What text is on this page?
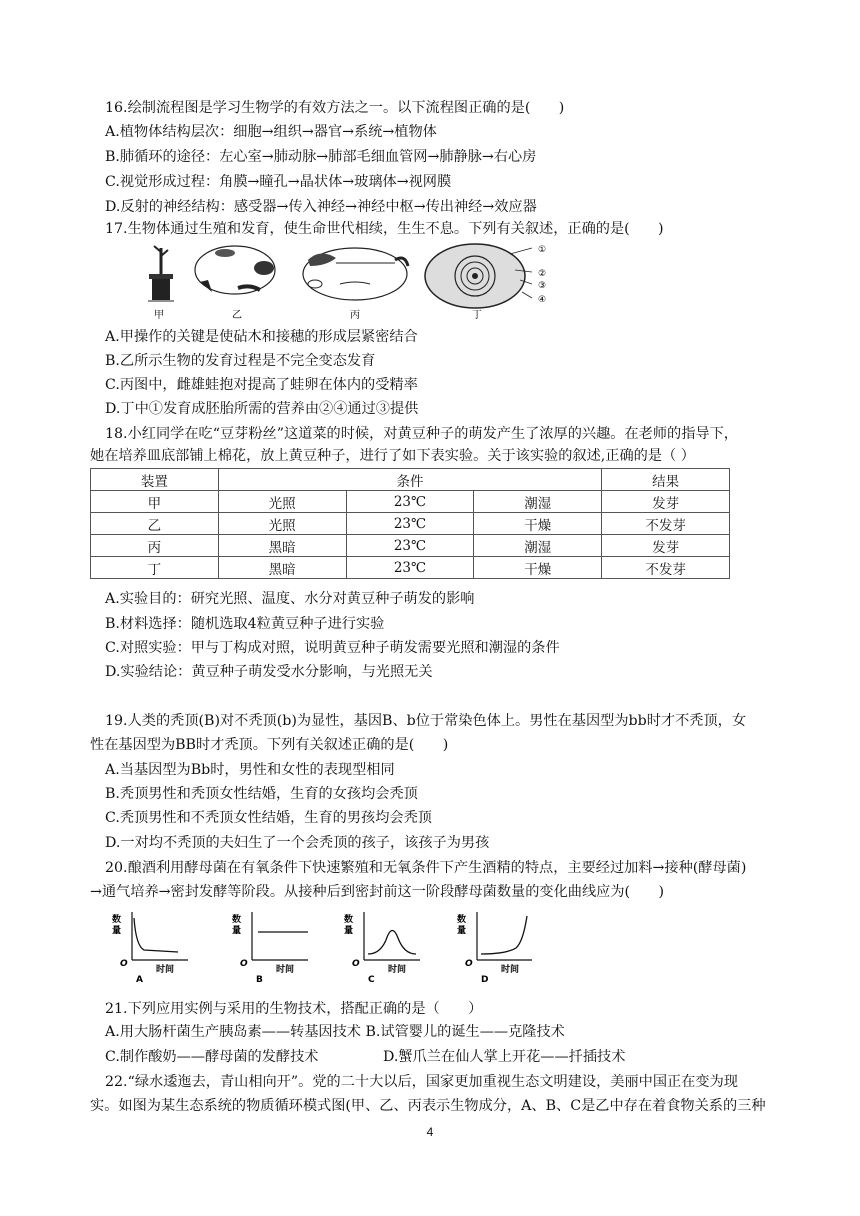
16.绘制流程图是学习生物学的有效方法之一。以下流程图正确的是(　　)
A.植物体结构层次：细胞→组织→器官→系统→植物体
B.肺循环的途径：左心室→肺动脉→肺部毛细血管网→肺静脉→右心房
C.视觉形成过程：角膜→瞳孔→晶状体→玻璃体→视网膜
D.反射的神经结构：感受器→传入神经→神经中枢→传出神经→效应器
17.生物体通过生殖和发育，使生命世代相续，生生不息。下列有关叙述，正确的是(　　)
①
②
③
④
甲	乙	丙	丁
A.甲操作的关键是使砧木和接穗的形成层紧密结合
B.乙所示生物的发育过程是不完全变态发育
C.丙图中，雌雄蛙抱对提高了蛙卵在体内的受精率
D.丁中①发育成胚胎所需的营养由②④通过③提供
18.小红同学在吃“豆芽粉丝”这道菜的时候，对黄豆种子的萌发产生了浓厚的兴趣。在老师的指导下，
她在培养皿底部铺上棉花，放上黄豆种子，进行了如下表实验。关于该实验的叙述,正确的是（ ）
装置	条件			结果
甲	光照	23℃	潮湿	发芽
乙	光照	23℃	干燥	不发芽
丙	黑暗	23℃	潮湿	发芽
丁	黑暗	23℃	干燥	不发芽
A.实验目的：研究光照、温度、水分对黄豆种子萌发的影响
B.材料选择：随机选取4粒黄豆种子进行实验
C.对照实验：甲与丁构成对照，说明黄豆种子萌发需要光照和潮湿的条件
D.实验结论：黄豆种子萌发受水分影响，与光照无关
19.人类的秃顶(B)对不秃顶(b)为显性，基因B、b位于常染色体上。男性在基因型为bb时才不秃顶，女
性在基因型为BB时才秃顶。下列有关叙述正确的是(　　)
A.当基因型为Bb时，男性和女性的表现型相同
B.秃顶男性和秃顶女性结婚，生育的女孩均会秃顶
C.秃顶男性和不秃顶女性结婚，生育的男孩均会秃顶
D.一对均不秃顶的夫妇生了一个会秃顶的孩子，该孩子为男孩
20.酿酒利用酵母菌在有氧条件下快速繁殖和无氧条件下产生酒精的特点，主要经过加料→接种(酵母菌)
→通气培养→密封发酵等阶段。从接种后到密封前这一阶段酵母菌数量的变化曲线应为(　　)
数
量
O
时间
A
数
量
O
时间
B
数
量
O
时间
C
数
量
O
时间
D
21.下列应用实例与采用的生物技术，搭配正确的是（　　）
A.用大肠杆菌生产胰岛素——转基因技术 B.试管婴儿的诞生——克隆技术
C.制作酸奶——酵母菌的发酵技术	D.蟹爪兰在仙人掌上开花——扦插技术
22.“绿水逶迤去，青山相向开”。党的二十大以后，国家更加重视生态文明建设，美丽中国正在变为现
实。如图为某生态系统的物质循环模式图(甲、乙、丙表示生物成分，A、B、C是乙中存在着食物关系的三种
4
